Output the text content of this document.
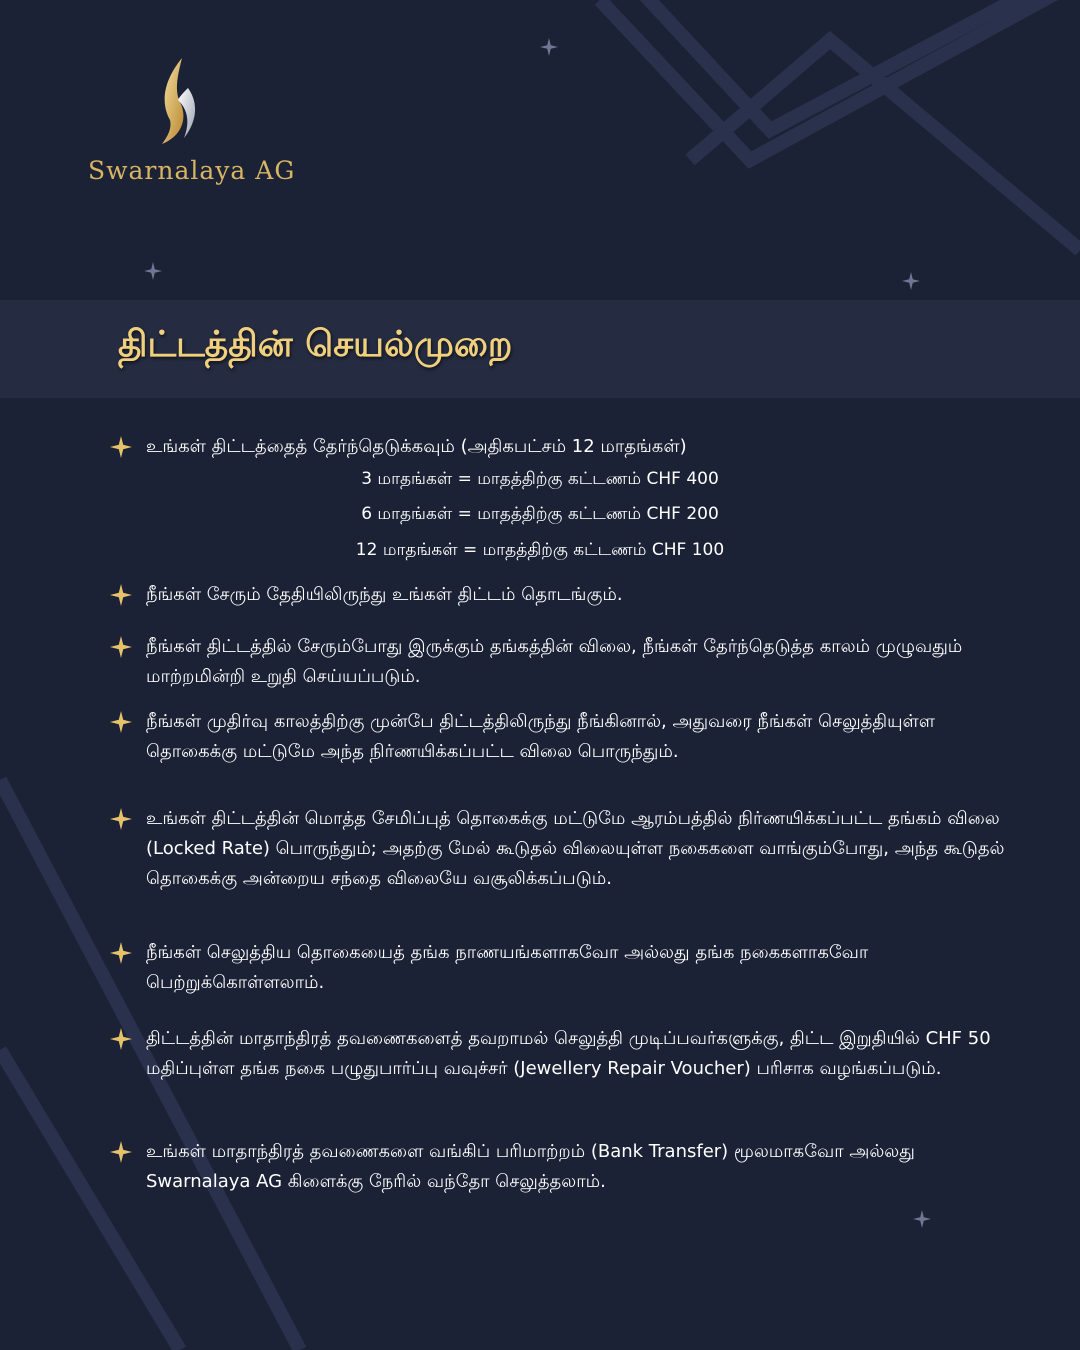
Swarnalaya AG
திட்டத்தின் செயல்முறை
உங்கள் திட்டத்தைத் தேர்ந்தெடுக்கவும் (அதிகபட்சம் 12 மாதங்கள்)
3 மாதங்கள் = மாதத்திற்கு கட்டணம் CHF 400
6 மாதங்கள் = மாதத்திற்கு கட்டணம் CHF 200
12 மாதங்கள் = மாதத்திற்கு கட்டணம் CHF 100
நீங்கள் சேரும் தேதியிலிருந்து உங்கள் திட்டம் தொடங்கும்.
நீங்கள் திட்டத்தில் சேரும்போது இருக்கும் தங்கத்தின் விலை, நீங்கள் தேர்ந்தெடுத்த காலம் முழுவதும் மாற்றமின்றி உறுதி செய்யப்படும்.
நீங்கள் முதிர்வு காலத்திற்கு முன்பே திட்டத்திலிருந்து நீங்கினால், அதுவரை நீங்கள் செலுத்தியுள்ள தொகைக்கு மட்டுமே அந்த நிர்ணயிக்கப்பட்ட விலை பொருந்தும்.
உங்கள் திட்டத்தின் மொத்த சேமிப்புத் தொகைக்கு மட்டுமே ஆரம்பத்தில் நிர்ணயிக்கப்பட்ட தங்கம் விலை (Locked Rate) பொருந்தும்; அதற்கு மேல் கூடுதல் விலையுள்ள நகைகளை வாங்கும்போது, அந்த கூடுதல் தொகைக்கு அன்றைய சந்தை விலையே வசூலிக்கப்படும்.
நீங்கள் செலுத்திய தொகையைத் தங்க நாணயங்களாகவோ அல்லது தங்க நகைகளாகவோ பெற்றுக்கொள்ளலாம்.
திட்டத்தின் மாதாந்திரத் தவணைகளைத் தவறாமல் செலுத்தி முடிப்பவர்களுக்கு, திட்ட இறுதியில் CHF 50 மதிப்புள்ள தங்க நகை பழுதுபார்ப்பு வவுச்சர் (Jewellery Repair Voucher) பரிசாக வழங்கப்படும்.
உங்கள் மாதாந்திரத் தவணைகளை வங்கிப் பரிமாற்றம் (Bank Transfer) மூலமாகவோ அல்லது Swarnalaya AG கிளைக்கு நேரில் வந்தோ செலுத்தலாம்.
